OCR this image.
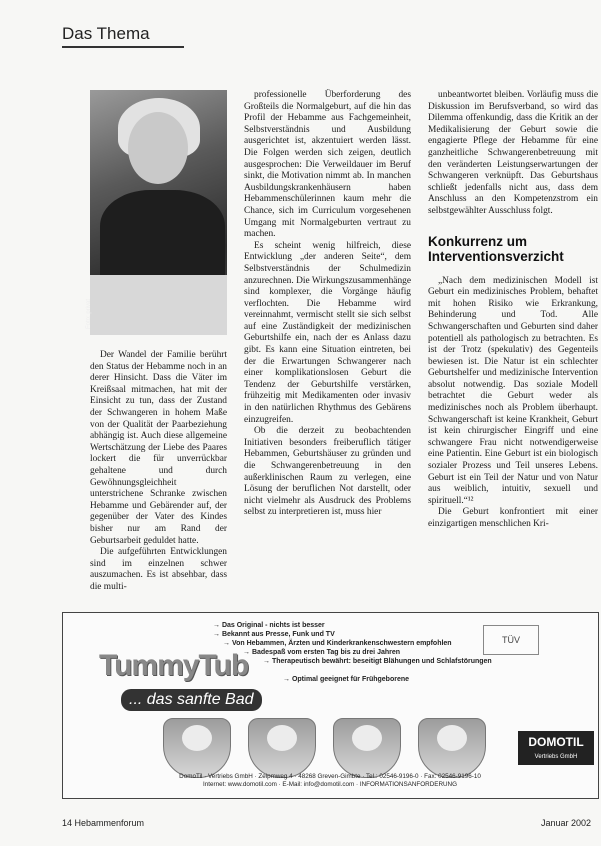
Das Thema
Foto: privat

Der Wandel der Familie berührt den Status der Hebamme noch in an derer Hinsicht. Dass die Väter im Kreißsaal mitmachen, hat mit der Einsicht zu tun, dass der Zustand der Schwangeren in hohem Maße von der Qualität der Paarbeziehung abhängig ist. Auch diese allgemeine Wertschätzung der Liebe des Paares lockert die für unverrückbar gehaltene und durch Gewöhnungsgleichheit unterstrichene Schranke zwischen Hebamme und Gebärender auf, der gegenüber der Vater des Kindes bisher nur am Rand der Geburtsarbeit geduldet hatte.

Die aufgeführten Entwicklungen sind im einzelnen schwer auszumachen. Es ist absehbar, dass die multi-

professionelle Überforderung des Großteils die Normalgeburt, auf die hin das Profil der Hebamme aus Fachgemeinheit, Selbstverständnis und Ausbildung ausgerichtet ist, akzentuiert werden lässt. Die Folgen werden sich zeigen, deutlich ausgesprochen: Die Verweildauer im Beruf sinkt, die Motivation nimmt ab. In manchen Ausbildungskrankenhäusern haben Hebammenschülerinnen kaum mehr die Chance, sich im Curriculum vorgesehenen Umgang mit Normalgeburten vertraut zu machen.

Es scheint wenig hilfreich, diese Entwicklung „der anderen Seite“, dem Selbstverständnis der Schulmedizin anzurechnen. Die Wirkungszusammenhänge sind komplexer, die Vorgänge häufig verflochten. Die Hebamme wird vereinnahmt, vermischt stellt sie sich selbst auf eine Zuständigkeit der medizinischen Geburtshilfe ein, nach der es Anlass dazu gibt. Es kann eine Situation eintreten, bei der die Erwartungen Schwangerer nach einer komplikationslosen Geburt die Tendenz der Geburtshilfe verstärken, frühzeitig mit Medikamenten oder invasiv in den natürlichen Rhythmus des Gebärens einzugreifen.

Ob die derzeit zu beobachtenden Initiativen besonders freiberuflich tätiger Hebammen, Geburtshäuser zu gründen und die Schwangerenbetreuung in den außerklinischen Raum zu verlegen, eine Lösung der beruflichen Not darstellt, oder nicht vielmehr als Ausdruck des Problems selbst zu interpretieren ist, muss hier

unbeantwortet bleiben. Vorläufig muss die Diskussion im Berufsverband, so wird das Dilemma offenkundig, dass die Kritik an der Medikalisierung der Geburt sowie die engagierte Pflege der Hebamme für eine ganzheitliche Schwangerenbetreuung mit den veränderten Leistungserwartungen der Schwangeren verknüpft. Das Geburtshaus schließt jedenfalls nicht aus, dass dem Anschluss an den Kompetenzstrom ein selbstgewählter Ausschluss folgt.

Konkurrenz um Interventionsverzicht

„Nach dem medizinischen Modell ist Geburt ein medizinisches Problem, behaftet mit hohen Risiko wie Erkrankung, Behinderung und Tod. Alle Schwangerschaften und Geburten sind daher potentiell als pathologisch zu betrachten. Es ist der Trotz (spekulativ) des Gegenteils bewiesen ist. Die Natur ist ein schlechter Geburtshelfer und medizinische Intervention absolut notwendig. Das soziale Modell betrachtet die Geburt weder als medizinisches noch als Problem überhaupt. Schwangerschaft ist keine Krankheit, Geburt ist kein chirurgischer Eingriff und eine schwangere Frau nicht notwendigerweise eine Patientin. Eine Geburt ist ein biologisch sozialer Prozess und Teil unseres Lebens. Geburt ist ein Teil der Natur und von Natur aus weiblich, intuitiv, sexuell und spirituell.“¹²

Die Geburt konfrontiert mit einer einzigartigen menschlichen Kri-

→ Das Original - nichts ist besser
→ Bekannt aus Presse, Funk und TV
→ Von Hebammen, Ärzten und Kinderkrankenschwestern empfohlen
→ Badespaß vom ersten Tag bis zu drei Jahren
→ Therapeutisch bewährt: beseitigt Blähungen und Schlafstörungen
→ Optimal geeignet für Frühgeborene
TÜV
TummyTub
... das sanfte Bad
DOMOTIL
Vertriebs GmbH
DomoTil · Vertriebs GmbH · Zeipmweg 4 · 48268 Greven-Gimbte · Tel.: 02546-9196-0 · Fax: 02546-9196-10
Internet: www.domotil.com · E-Mail: info@domotil.com · INFORMATIONSANFORDERUNG
14 Hebammenforum	Januar 2002
